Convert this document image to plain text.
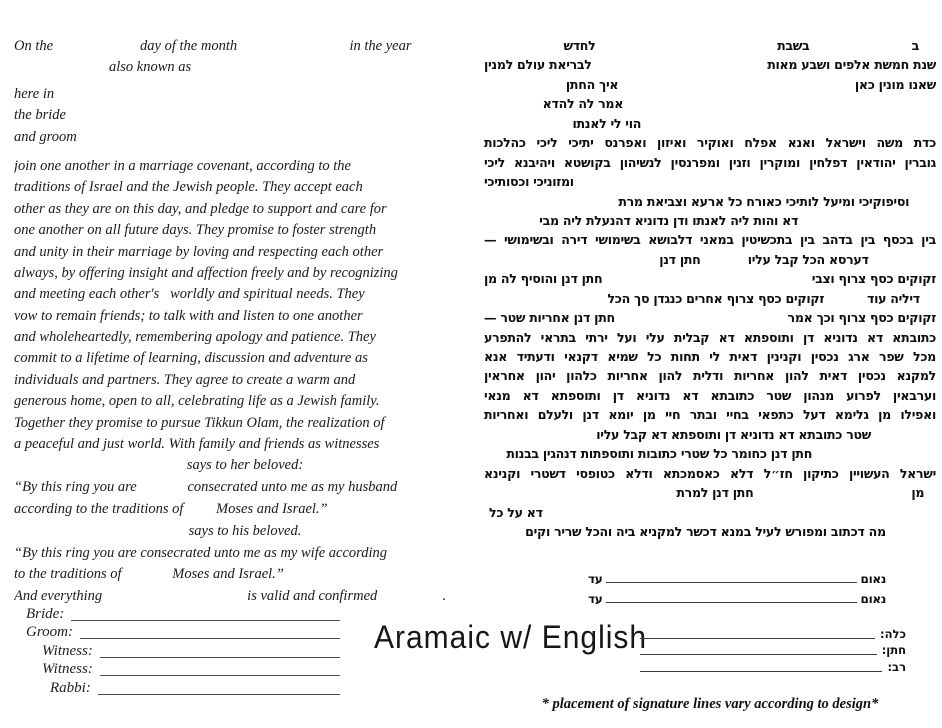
On the                        day of the month                               in the year
also known as
here in
the bride
and groom
join one another in a marriage covenant, according to the
traditions of Israel and the Jewish people. They accept each
other as they are on this day, and pledge to support and care for
one another on all future days. They promise to foster strength
and unity in their marriage by loving and respecting each other
always, by offering insight and affection freely and by recognizing
and meeting each other's   worldly and spiritual needs. They
vow to remain friends; to talk with and listen to one another
and wholeheartedly, remembering apology and patience. They
commit to a lifetime of learning, discussion and adventure as
individuals and partners. They agree to create a warm and
generous home, open to all, celebrating life as a Jewish family.
Together they promise to pursue Tikkun Olam, the realization of
a peaceful and just world. With family and friends as witnesses
says to her beloved:
“By this ring you are              consecrated unto me as my husband
according to the traditions of         Moses and Israel.”
says to his beloved.
“By this ring you are consecrated unto me as my wife according
to the traditions of              Moses and Israel.”
And everything                                        is valid and confirmed                  .
Bride:
Groom:
Witness:
Witness:
Rabbi:
Aramaic w/ English
ב
בשבת
לחדש
שנת חמשת אלפים ושבע מאות
לבריאת עולם למנין
שאנו מונין כאן
איך החתן
אמר לה להדא
הוי לי לאנתו
כדת משה וישראל ואנא אפלח ואוקיר ואיזון ואפרנס יתיכי ליכי כהלכות
גוברין יהודאין דפלחין ומוקרין וזנין ומפרנסין לנשיהון בקושטא ויהיבנא ליכי
ומזוניכי וכסותיכי
וסיפוקיכי ומיעל לותיכי כאורח כל ארעא וצביאת מרת
דא והות ליה לאנתו ודן נדוניא דהנעלת ליה מבי
בין בכסף בין בדהב בין בתכשיטין במאני דלבושא בשימושי דירה ובשימושי —
דערסא הכל קבל עליו
חתן דנן
זקוקים כסף צרוף וצבי
חתן דנן והוסיף לה מן
דיליה עוד
זקוקים כסף צרוף אחרים כנגדן סך הכל
זקוקים כסף צרוף וכך אמר
חתן דנן אחריות שטר —
כתובתא דא נדוניא דן ותוספתא דא קבלית עלי ועל ירתי בתראי להתפרע
מכל שפר ארג נכסין וקנינין דאית לי תחות כל שמיא דקנאי ודעתיד אנא
למקנא נכסין דאית להון אחריות ודלית להון אחריות כלהון יהון אחראין
וערבאין לפרוע מנהון שטר כתובתא דא נדוניא דן ותוספתא דא מנאי
ואפילו מן גלימא דעל כתפאי בחיי ובתר חיי מן יומא דנן ולעלם ואחריות
שטר כתובתא דא נדוניא דן ותוספתא דא קבל עליו
חתן דנן כחומר כל שטרי כתובות ותוספתות דנהגין בבנות
ישראל העשויין כתיקון חז״ל דלא כאסמכתא ודלא כטופסי דשטרי וקנינא
מן
חתן דנן למרת
דא על כל
מה דכתוב ומפורש לעיל במנא דכשר למקניא ביה והכל שריר וקים
נאום
עד
נאום
עד
כלה:
חתן:
רב:
* placement of signature lines vary according to design*
